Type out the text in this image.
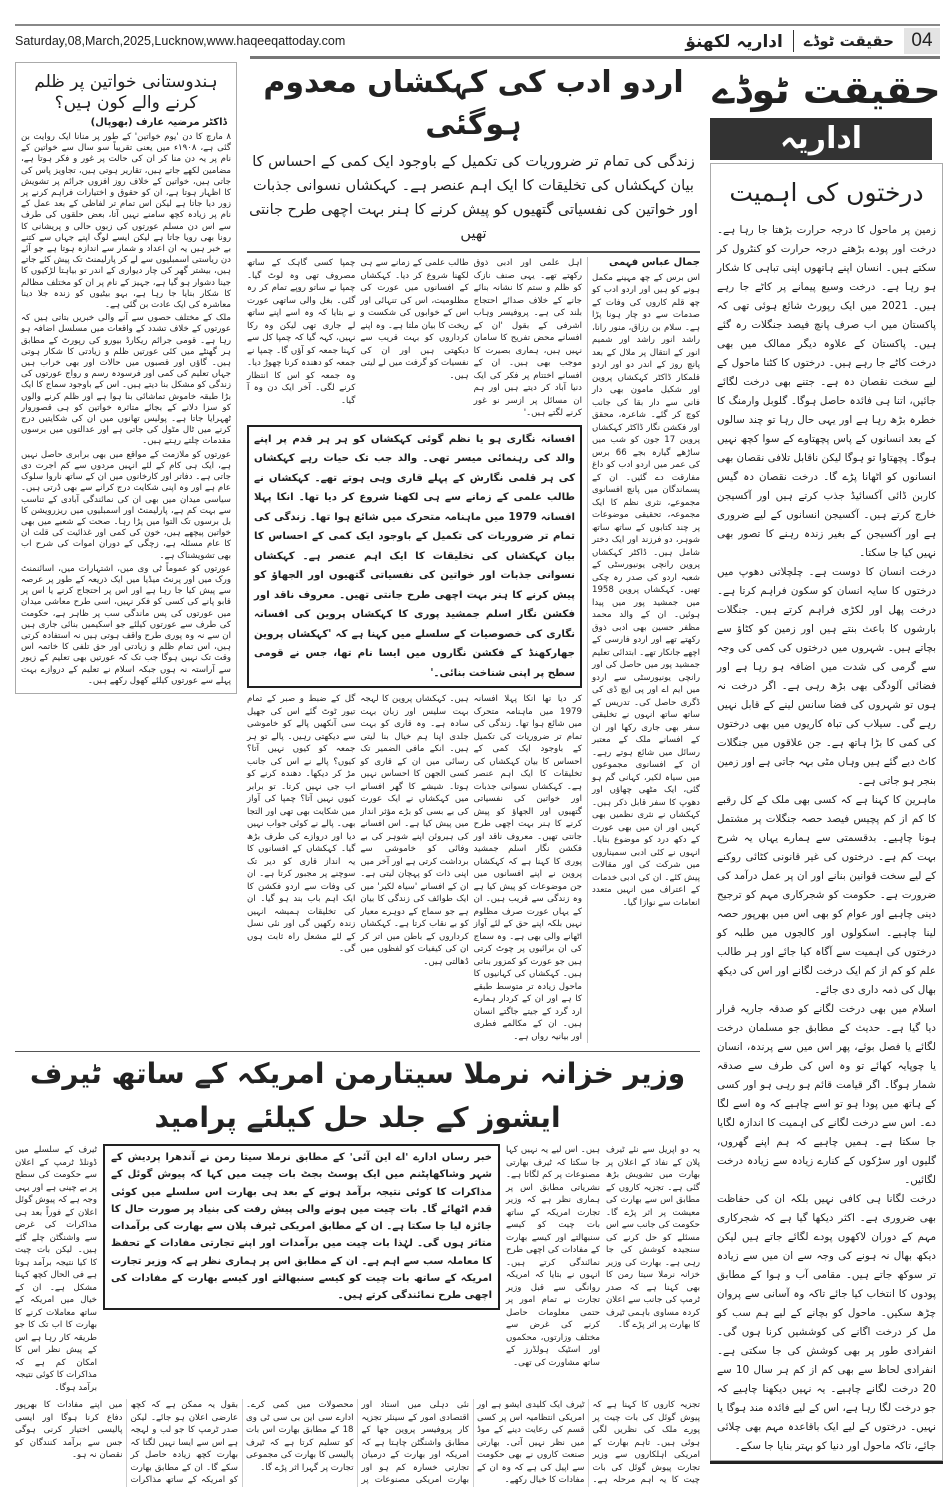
Saturday,08,March,2025,Lucknow,www.haqeeqattoday.com	اداریہ لکھنؤ	حقیقت ٹوڈے 04
ہندوستانی خواتین پر ظلم کرنے والے کون ہیں؟
ڈاکٹر مرضیہ عارف (بھوپال)

۸ مارچ کا دن 'یوم خواتین' کے طور پر منانا ایک روایت بن گئی ہے، ۱۹۰۸ء میں یعنی تقریباً سو سال سے خواتین کے نام پر یہ دن منا کر ان کی حالت پر غور و فکر ہوتا ہے، مضامین لکھے جاتے ہیں، تقاریر ہوتی ہیں، تجاویز پاس کی جاتی ہیں، خواتین کے خلاف روز افزوں جرائم پر تشویش کا اظہار ہوتا ہے، ان کو حقوق و اختیارات فراہم کرنے پر زور دیا جاتا ہے لیکن اس تمام تر لفاظی کے بعد عمل کے نام پر زیادہ کچھ سامنے نہیں آتا، بعض حلقوں کی طرف سے اس دن مسلم عورتوں کی زبوں حالی و پریشانی کا رونا بھی رویا جاتا ہے لیکن ایسے لوگ اپنے جہاں سے کتنے بے خبر ہیں یہ ان اعداد و شمار سے اندازہ ہوتا ہے جو آئے دن ریاستی اسمبلیوں سے لے کر پارلیمنٹ تک پیش کئے جاتے ہیں، بیشتر گھر کی چار دیواری کے اندر تو بیاہتا لڑکیوں کا جینا دشوار ہو گیا ہے، جہیز کے نام پر ان کو مختلف مظالم کا شکار بنایا جا رہا ہے، بہو بیٹیوں کو زندہ جلا دینا معاشرہ کی ایک عادت بن گئی ہے۔

ملک کے مختلف حصوں سے آنے والی خبریں بتاتی ہیں کہ عورتوں کے خلاف تشدد کے واقعات میں مسلسل اضافہ ہو رہا ہے۔ قومی جرائم ریکارڈ بیورو کی رپورٹ کے مطابق ہر گھنٹے میں کئی عورتیں ظلم و زیادتی کا شکار ہوتی ہیں۔ گاؤں اور قصبوں میں حالات اور بھی خراب ہیں جہاں تعلیم کی کمی اور فرسودہ رسم و رواج عورتوں کی زندگی کو مشکل بنا دیتے ہیں۔ اس کے باوجود سماج کا ایک بڑا طبقہ خاموش تماشائی بنا ہوا ہے اور ظلم کرنے والوں کو سزا دلانے کے بجائے متاثرہ خواتین کو ہی قصوروار ٹھہرایا جاتا ہے۔ پولیس تھانوں میں ان کی شکایتیں درج کرنے میں ٹال مٹول کی جاتی ہے اور عدالتوں میں برسوں مقدمات چلتے رہتے ہیں۔

عورتوں کو ملازمت کے مواقع میں بھی برابری حاصل نہیں ہے، ایک ہی کام کے لئے انہیں مردوں سے کم اجرت دی جاتی ہے۔ دفاتر اور کارخانوں میں ان کے ساتھ ناروا سلوک عام ہے اور وہ اپنی شکایت درج کرانے سے بھی ڈرتی ہیں۔ سیاسی میدان میں بھی ان کی نمائندگی آبادی کے تناسب سے بہت کم ہے، پارلیمنٹ اور اسمبلیوں میں ریزرویشن کا بل برسوں تک التوا میں پڑا رہا۔ صحت کے شعبے میں بھی خواتین پیچھے ہیں، خون کی کمی اور غذائیت کی قلت ان کا عام مسئلہ ہے، زچگی کے دوران اموات کی شرح اب بھی تشویشناک ہے۔

عورتوں کو عموماً ٹی وی میں، اشتہارات میں، اسائنمنٹ ورک میں اور پرنٹ میڈیا میں ایک ذریعہ کے طور پر عرصہ سے پیش کیا جا رہا ہے اور اس پر احتجاج کرنے یا اس پر قابو پانے کی کسی کو فکر نہیں، اسی طرح معاشی میدان میں عورتوں کی پس ماندگی سب پر ظاہر ہے، حکومت کی طرف سے عورتوں کیلئے جو اسکیمیں بنائی جاری ہیں ان سے نہ وہ پوری طرح واقف ہوتی ہیں نہ استفادہ کرتی ہیں، اس تمام ظلم و زیادتی اور حق تلفی کا خاتمہ اس وقت تک نہیں ہوگا جب تک کہ عورتیں بھی تعلیم کے زیور سے آراستہ نہ ہوں جبکہ اسلام نے تعلیم کے دروازے بہت پہلے سے عورتوں کیلئے کھول رکھے ہیں۔

اردو ادب کی کہکشاں معدوم ہوگئی
زندگی کی تمام تر ضروریات کی تکمیل کے باوجود ایک کمی کے احساس کا بیان کہکشاں کی تخلیقات کا ایک اہم عنصر ہے۔ کہکشاں نسوانی جذبات اور خواتین کی نفسیاتی گتھیوں کو پیش کرنے کا ہنر بہت اچھی طرح جانتی تھیں
جمال عباس فہمی

اس برس کے چھ مہینے مکمل ہونے کو ہیں اور اردو ادب کو چھ قلم کاروں کی وفات کے صدمات سے دو چار ہونا پڑا ہے۔ سلام بن رزاق، منور رانا، راشد انور راشد اور شمیم انور کے انتقال پر ملال کے بعد پانچ روز کے اندر دو اور اردو قلمکار ڈاکٹر کہکشاں پروین اور شکیل مامون بھی دار فانی سے دار بقا کی جانب کوچ کر گئے۔ شاعرہ، محقق اور فکشن نگار ڈاکٹر کہکشاں پروین 17 جون کو شب میں ساڑھے گیارہ بجے 66 برس کی عمر میں اردو ادب کو داغ مفارقت دے گئیں۔ ان کے پسماندگان میں پانچ افسانوی مجموعے، نثری نظم کا ایک مجموعہ، تحقیقی موضوعات پر چند کتابوں کے ساتھ ساتھ شوہر، دو فرزند اور ایک دختر شامل ہیں۔ ڈاکٹر کہکشاں پروین رانچی یونیورسٹی کے شعبہ اردو کی صدر رہ چکی تھیں۔ کہکشاں پروین 1958 میں جمشید پور میں پیدا ہوئیں۔ ان کے والد محمد مظفر حسین بھی ادبی ذوق رکھتے تھے اور اردو فارسی کے اچھے جانکار تھے۔ ابتدائی تعلیم جمشید پور میں حاصل کی اور رانچی یونیورسٹی سے اردو میں ایم اے اور پی ایچ ڈی کی ڈگری حاصل کی۔ تدریس کے ساتھ ساتھ انہوں نے تخلیقی سفر بھی جاری رکھا اور ان کے افسانے ملک کے معتبر رسائل میں شائع ہوتے رہے۔ ان کے افسانوی مجموعوں میں سیاہ لکیر، کہانی گم ہو گئی، ایک مٹھی چھاؤں اور دھوپ کا سفر قابل ذکر ہیں۔ کہکشاں نے نثری نظمیں بھی کہیں اور ان میں بھی عورت کے دکھ درد کو موضوع بنایا۔ انہوں نے کئی ادبی سمیناروں میں شرکت کی اور مقالات پیش کئے۔ ان کی ادبی خدمات کے اعتراف میں انہیں متعدد انعامات سے نوازا گیا۔

اہل علمی اور ادبی ذوق رکھتے تھے۔ یہی صنف نازک کو ظلم و ستم کا نشانہ بنائے جانے کے خلاف صدائے احتجاج بلند کی ہے۔ پروفیسر وہاب اشرفی کے بقول 'ان کے افسانے محض تفریح کا سامان نہیں ہیں، ہماری بصیرت کا موجب بھی ہیں۔ ان کے افسانے اختتام پر فکر کی ایک دنیا آباد کر دیتے ہیں اور ہم ان مسائل پر ازسر نو غور کرنے لگتے ہیں۔'

طالب علمی کے زمانے سے ہی لکھنا شروع کر دیا۔ کہکشاں کے افسانوں میں عورت کی مظلومیت، اس کی تنہائی اور اس کے خوابوں کی شکست و ریخت کا بیان ملتا ہے۔ وہ اپنے کرداروں کو بہت قریب سے دیکھتی ہیں اور ان کی نفسیات کو گرفت میں لے لیتی ہیں۔

چمپا کسی گاہک کے ساتھ مصروف تھی وہ لوٹ گیا۔ چمپا نے ساتو روپے تمام کر رہ گئی۔ بغل والی ساتھی عورت نے بتایا کہ وہ اسے اپنے ساتھ لے جاری تھی لیکن وہ رکا نہیں، کہہ گیا کہ چمپا کل سے کہنا جمعہ کو آؤں گا۔ چمپا نے جمعہ کو دھندہ کرنا چھوڑ دیا۔ وہ جمعہ کو اس کا انتظار کرنے لگی۔ آخر ایک دن وہ آ گیا۔

افسانہ نگاری ہو یا نظم گوئی کہکشاں کو ہر ہر قدم پر اپنے والد کی رہنمائی میسر تھی۔ والد جب تک حیات رہے کہکشاں کی ہر قلمی نگارش کے پہلے قاری وہی ہوتے تھے۔ کہکشاں نے طالب علمی کے زمانے سے ہی لکھنا شروع کر دیا تھا۔ انکا پہلا افسانہ 1979 میں ماہنامہ متحرک میں شائع ہوا تھا۔ زندگی کی تمام تر ضروریات کی تکمیل کے باوجود ایک کمی کے احساس کا بیان کہکشاں کی تخلیقات کا ایک اہم عنصر ہے۔ کہکشاں نسوانی جذبات اور خواتین کی نفسیاتی گتھیوں اور الجھاؤ کو پیش کرنے کا ہنر بہت اچھی طرح جانتی تھیں۔ معروف ناقد اور فکشن نگار اسلم جمشید پوری کا کہکشاں پروین کی افسانہ نگاری کی خصوصیات کے سلسلے میں کہنا ہے کہ 'کہکشاں پروین جھارکھنڈ کے فکشن نگاروں میں ایسا نام تھا، جس نے قومی سطح پر اپنی شناخت بنائی۔'

کر دیا تھا انکا پہلا افسانہ 1979 میں ماہنامہ متحرک میں شائع ہوا تھا۔ زندگی کی تمام تر ضروریات کی تکمیل کے باوجود ایک کمی کے احساس کا بیان کہکشاں کی تخلیقات کا ایک اہم عنصر ہے۔ کہکشاں نسوانی جذبات اور خواتین کی نفسیاتی گتھیوں اور الجھاؤ کو پیش کرنے کا ہنر بہت اچھی طرح جانتی تھیں۔ معروف ناقد اور فکشن نگار اسلم جمشید پوری کا کہنا ہے کہ کہکشاں پروین نے اپنے افسانوں میں جن موضوعات کو پیش کیا ہے وہ زندگی سے قریب ہیں۔ ان کے یہاں عورت صرف مظلوم نہیں بلکہ اپنے حق کے لئے آواز اٹھانے والی بھی ہے۔ وہ سماج کی ان برائیوں پر چوٹ کرتی ہیں جو عورت کو کمزور بناتی ہیں۔ کہکشاں کی کہانیوں کا ماحول زیادہ تر متوسط طبقے کا ہے اور ان کے کردار ہمارے ارد گرد کے جیتے جاگتے انسان ہیں۔ ان کے مکالمے فطری اور بیانیہ رواں ہے۔

ہیں۔ کہکشاں پروین کا لہجہ بہت سلیس اور زبان بہت سادہ ہے۔ وہ قاری کو بہت جلدی اپنا ہم خیال بنا لیتی ہیں۔ انکے مافی الضمیر تک رسائی میں ان کے قاری کو کسی الجھن کا احساس نہیں ہوتا۔ شیشے کا گھر افسانے میں کہکشاں نے ایک عورت کی بے بسی کو بڑے مؤثر انداز میں پیش کیا ہے۔ اس افسانے کی ہیروئن اپنے شوہر کی بے وفائی کو خاموشی سے برداشت کرتی ہے اور آخر میں اپنی ذات کو پہچان لیتی ہے۔ ان کے افسانے 'سیاہ لکیر' میں ایک طوائف کی زندگی کا بیان ہے جو سماج کے دوہرے معیار کو بے نقاب کرتا ہے۔ کہکشاں کرداروں کے باطن میں اتر کر ان کی کیفیات کو لفظوں میں ڈھالتی ہیں۔

گل کے ضبط و صبر کے تمام تیور ٹوٹ گئے اس کی جھیل سی آنکھیں پالے کو خاموشی سے دیکھتی رہیں۔ پالے تو ہر جمعہ کو کیوں نہیں آتا؟ کیوں؟ پالے نے اس کی جانب مڑ کر دیکھا۔ دھندہ کرنے کو اب جی نہیں کرتا۔ تو برابر کیوں نہیں آتا؟ چمپا کی آواز میں شکایت بھی تھی اور التجا بھی۔ پالے نے کوئی جواب نہیں دیا اور دروازے کی طرف بڑھ گیا۔ کہکشاں کے افسانوں کا یہ انداز قاری کو دیر تک سوچنے پر مجبور کرتا ہے۔ ان کی وفات سے اردو فکشن کا ایک اہم باب بند ہو گیا۔ ان کی تخلیقات ہمیشہ انہیں زندہ رکھیں گی اور نئی نسل کے لئے مشعل راہ ثابت ہوں گی۔

حقیقت ٹوڈے
اداریہ
درختوں کی اہمیت

زمین پر ماحول کا درجہ حرارت بڑھتا جا رہا ہے۔ درخت اور پودے بڑھتے درجہ حرارت کو کنٹرول کر سکتے ہیں۔ انسان اپنے ہاتھوں اپنی تباہی کا شکار ہو رہا ہے۔ درخت وسیع پیمانے پر کاٹے جا رہے ہیں۔ 2021 میں ایک رپورٹ شائع ہوئی تھی کہ پاکستان میں اب صرف پانچ فیصد جنگلات رہ گئے ہیں۔ پاکستان کے علاوہ دیگر ممالک میں بھی درخت کاٹے جا رہے ہیں۔ درختوں کا کٹنا ماحول کے لیے سخت نقصان دہ ہے۔ جتنے بھی درخت لگائے جائیں، اتنا ہی فائدہ حاصل ہوگا۔ گلوبل وارمنگ کا خطرہ بڑھ رہا ہے اور یہی حال رہا تو چند سالوں کے بعد انسانوں کے پاس پچھتاوے کے سوا کچھ نہیں ہوگا۔ پچھتاوا تو ہوگا لیکن ناقابل تلافی نقصان بھی انسانوں کو اٹھانا پڑے گا۔ درخت نقصان دہ گیس کاربن ڈائی آکسائیڈ جذب کرتے ہیں اور آکسیجن خارج کرتے ہیں۔ آکسیجن انسانوں کے لیے ضروری ہے اور آکسیجن کے بغیر زندہ رہنے کا تصور بھی نہیں کیا جا سکتا۔

درخت انسان کا دوست ہے۔ چلچلاتی دھوپ میں درختوں کا سایہ انسان کو سکون فراہم کرتا ہے۔ درخت پھل اور لکڑی فراہم کرتے ہیں۔ جنگلات بارشوں کا باعث بنتے ہیں اور زمین کو کٹاؤ سے بچاتے ہیں۔ شہروں میں درختوں کی کمی کی وجہ سے گرمی کی شدت میں اضافہ ہو رہا ہے اور فضائی آلودگی بھی بڑھ رہی ہے۔ اگر درخت نہ ہوں تو شہروں کی فضا سانس لینے کے قابل نہیں رہے گی۔ سیلاب کی تباہ کاریوں میں بھی درختوں کی کمی کا بڑا ہاتھ ہے۔ جن علاقوں میں جنگلات کاٹ دیے گئے ہیں وہاں مٹی بہہ جاتی ہے اور زمین بنجر ہو جاتی ہے۔

ماہرین کا کہنا ہے کہ کسی بھی ملک کے کل رقبے کا کم از کم پچیس فیصد حصہ جنگلات پر مشتمل ہونا چاہیے۔ بدقسمتی سے ہمارے یہاں یہ شرح بہت کم ہے۔ درختوں کی غیر قانونی کٹائی روکنے کے لیے سخت قوانین بنانے اور ان پر عمل درآمد کی ضرورت ہے۔ حکومت کو شجرکاری مہم کو ترجیح دینی چاہیے اور عوام کو بھی اس میں بھرپور حصہ لینا چاہیے۔ اسکولوں اور کالجوں میں طلبہ کو درختوں کی اہمیت سے آگاہ کیا جائے اور ہر طالب علم کو کم از کم ایک درخت لگانے اور اس کی دیکھ بھال کی ذمہ داری دی جائے۔

اسلام میں بھی درخت لگانے کو صدقہ جاریہ قرار دیا گیا ہے۔ حدیث کے مطابق جو مسلمان درخت لگائے یا فصل بوئے، پھر اس میں سے پرندہ، انسان یا چوپایہ کھائے تو وہ اس کی طرف سے صدقہ شمار ہوگا۔ اگر قیامت قائم ہو رہی ہو اور کسی کے ہاتھ میں پودا ہو تو اسے چاہیے کہ وہ اسے لگا دے۔ اس سے درخت لگانے کی اہمیت کا اندازہ لگایا جا سکتا ہے۔ ہمیں چاہیے کہ ہم اپنے گھروں، گلیوں اور سڑکوں کے کنارے زیادہ سے زیادہ درخت لگائیں۔

درخت لگانا ہی کافی نہیں بلکہ ان کی حفاظت بھی ضروری ہے۔ اکثر دیکھا گیا ہے کہ شجرکاری مہم کے دوران لاکھوں پودے لگائے جاتے ہیں لیکن دیکھ بھال نہ ہونے کی وجہ سے ان میں سے زیادہ تر سوکھ جاتے ہیں۔ مقامی آب و ہوا کے مطابق پودوں کا انتخاب کیا جائے تاکہ وہ آسانی سے پروان چڑھ سکیں۔ ماحول کو بچانے کے لیے ہم سب کو مل کر درخت اگانے کی کوششیں کرنا ہوں گی۔ انفرادی طور پر بھی کوشش کی جا سکتی ہے۔ انفرادی لحاظ سے بھی کم از کم ہر سال 10 سے 20 درخت لگانے چاہیے۔ یہ نہیں دیکھنا چاہیے کہ جو درخت لگا رہا ہے، اس کے لیے فائدہ مند ہوگا یا نہیں۔ درختوں کے لیے ایک باقاعدہ مہم بھی چلائی جائے، تاکہ ماحول اور دنیا کو بہتر بنایا جا سکے۔

وزیر خزانہ نرملا سیتارمن امریکہ کے ساتھ ٹیرف ایشوز کے جلد حل کیلئے پرامید

یہ دو اپریل سے نئے ٹیرف پلان کے نفاذ کے اعلان پر بھارت میں تشویش بڑھ گئی ہے۔ تجزیہ کاروں کے مطابق اس سے بھارت کی معیشت پر اثر پڑے گا۔ حکومت کی جانب سے اس مسئلے کو حل کرنے کی سنجیدہ کوشش کی جا رہی ہے۔ بھارت کی وزیر خزانہ نرملا سیتا رمن کا بھی کہنا ہے کہ صدر ٹرمپ کی جانب سے اعلان کردہ مساوی باہمی ٹیرف کا بھارت پر اثر پڑے گا۔

ہیں۔ اس لیے یہ نہیں کہا جا سکتا کہ ٹیرف بھارتی مصنوعات پر کم لگاتا ہے۔ نشریاتی مطابق اس پر ہماری نظر ہے کہ وزیر تجارت امریکہ کے ساتھ بات چیت کو کیسے سنبھالتے اور کیسے بھارت کے مفادات کی اچھی طرح نمائندگی کرتے ہیں۔ انہوں نے بتایا کہ امریکہ روانگی سے قبل وزیر تجارت نے تمام امور پر حتمی معلومات حاصل کرنے کی غرض سے مختلف وزارتوں، محکموں اور اسٹیک ہولڈرز کے ساتھ مشاورت کی تھی۔

خبر رساں ادارے 'اے این آئی' کے مطابق نرملا سیتا رمن نے آندھرا پردیش کے شہر وشاکھاپٹنم میں ایک پوسٹ بجٹ بات چیت میں کہا کہ پیوش گوئل کے مذاکرات کا کوئی نتیجہ برآمد ہونے کے بعد ہی بھارت اس سلسلے میں کوئی قدم اٹھائے گا۔ بات چیت میں ہونے والی پیش رفت کی بنیاد پر صورت حال کا جائزہ لیا جا سکتا ہے۔ ان کے مطابق امریکی ٹیرف پلان سے بھارت کی برآمدات متاثر ہوں گی۔ لہٰذا بات چیت میں برآمدات اور اپنے تجارتی مفادات کے تحفظ کا معاملہ سب سے اہم ہے۔ ان کے مطابق اس پر ہماری نظر ہے کہ وزیر تجارت امریکہ کے ساتھ بات چیت کو کیسے سنبھالتے اور کیسے بھارت کے مفادات کی اچھی طرح نمائندگی کرتے ہیں۔

ٹیرف کے سلسلے میں ڈونلڈ ٹرمپ کے اعلان سے حکومت کی سطح پر بے چینی ہے اور یہی وجہ ہے کہ پیوش گوئل اعلان کے فوراً بعد ہی مذاکرات کی غرض سے واشنگٹن چلے گئے ہیں۔ لیکن بات چیت کا کیا نتیجہ برآمد ہوتا ہے فی الحال کچھ کہنا مشکل ہے۔ ان کے خیال میں امریکہ کے ساتھ معاملات کرنے کا بھارت کا اب تک کا جو طریقہ کار رہا ہے اس کے پیش نظر اس کا امکان کم ہے کہ مذاکرات کا کوئی نتیجہ برآمد ہوگا۔

تجزیہ کاروں کا کہنا ہے کہ پیوش گوئل کی بات چیت پر پورے ملک کی نظریں لگی ہوئی ہیں۔ تاہم بھارت کے امریکی اہلکاروں سے وزیر تجارت پیوش گوئل کی بات چیت کا یہ اہم مرحلہ ہے۔ ٹیرف ایک کلیدی ایشو ہے اور امریکی انتظامیہ اس پر کسی قسم کی رعایت دینے کے موڈ میں نظر نہیں آتی۔ بھارتی صنعت کاروں نے بھی حکومت سے اپیل کی ہے کہ وہ ان کے مفادات کا خیال رکھے۔

نئی دہلی میں استاد اور اقتصادی امور کے سینئر تجزیہ کار پروفیسر پروین جھا کے مطابق واشنگٹن چاہتا ہے کہ امریکہ اور بھارت کے درمیان تجارتی خسارہ کم ہو اور بھارت امریکی مصنوعات پر محصولات میں کمی کرے۔ ادارے سی این بی سی ٹی وی 18 کے مطابق بھارت اس بات کو تسلیم کرتا ہے کہ ٹیرف پالیسی کا بھارت کی مجموعی تجارت پر گہرا اثر پڑے گا۔

بقول یہ ممکن ہے کہ کچھ عارضی اعلان ہو جائے۔ لیکن صدر ٹرمپ کا جو لب و لہجہ ہے اس سے ایسا نہیں لگتا کہ بھارت کچھ زیادہ حاصل کر سکے گا۔ ان کے مطابق بھارت کو امریکہ کے ساتھ مذاکرات میں اپنے مفادات کا بھرپور دفاع کرنا ہوگا اور ایسی پالیسی اختیار کرنی ہوگی جس سے برآمد کنندگان کو نقصان نہ ہو۔
